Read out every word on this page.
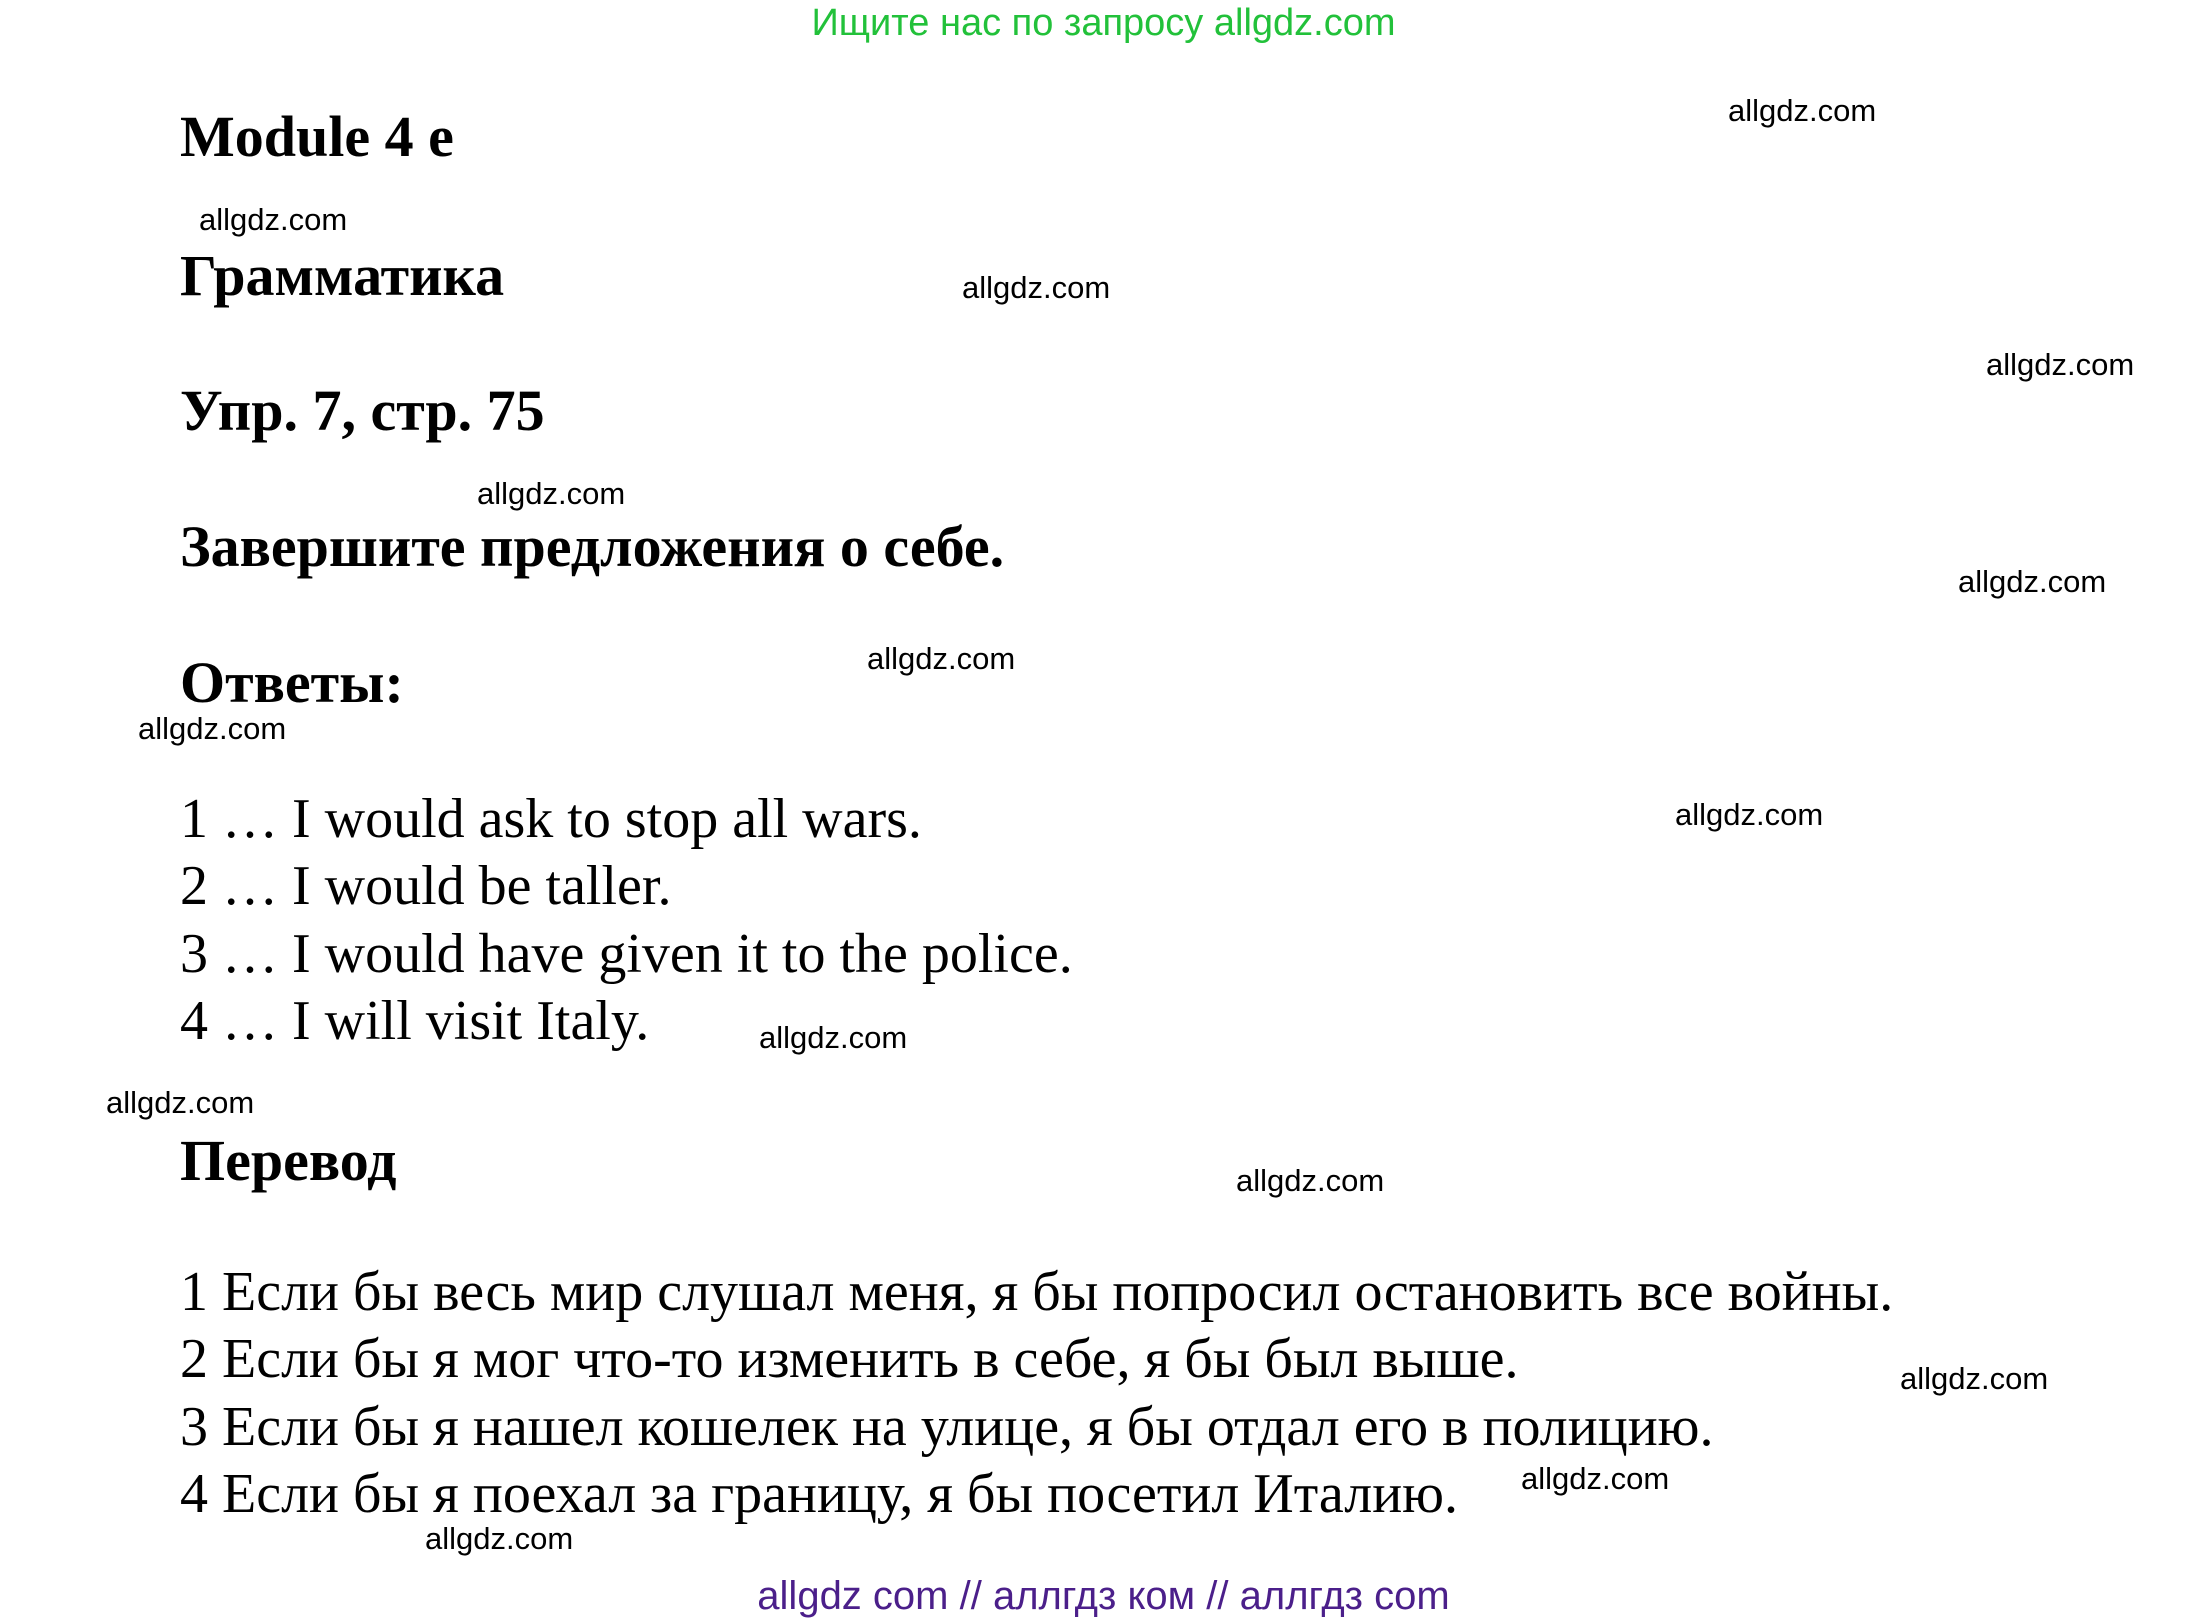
Ищите нас по запросу allgdz.com
Module 4 e
Грамматика
Упр. 7, стр. 75
Завершите предложения о себе.
Ответы:
1 … I would ask to stop all wars.
2 … I would be taller.
3 … I would have given it to the police.
4 … I will visit Italy.
Перевод
1 Если бы весь мир слушал меня, я бы попросил остановить все войны.
2 Если бы я мог что-то изменить в себе, я бы был выше.
3 Если бы я нашел кошелек на улице, я бы отдал его в полицию.
4 Если бы я поехал за границу, я бы посетил Италию.
allgdz.com
allgdz.com
allgdz.com
allgdz.com
allgdz.com
allgdz.com
allgdz.com
allgdz.com
allgdz.com
allgdz.com
allgdz.com
allgdz.com
allgdz.com
allgdz.com
allgdz.com
allgdz com // аллгдз ком // аллгдз com
